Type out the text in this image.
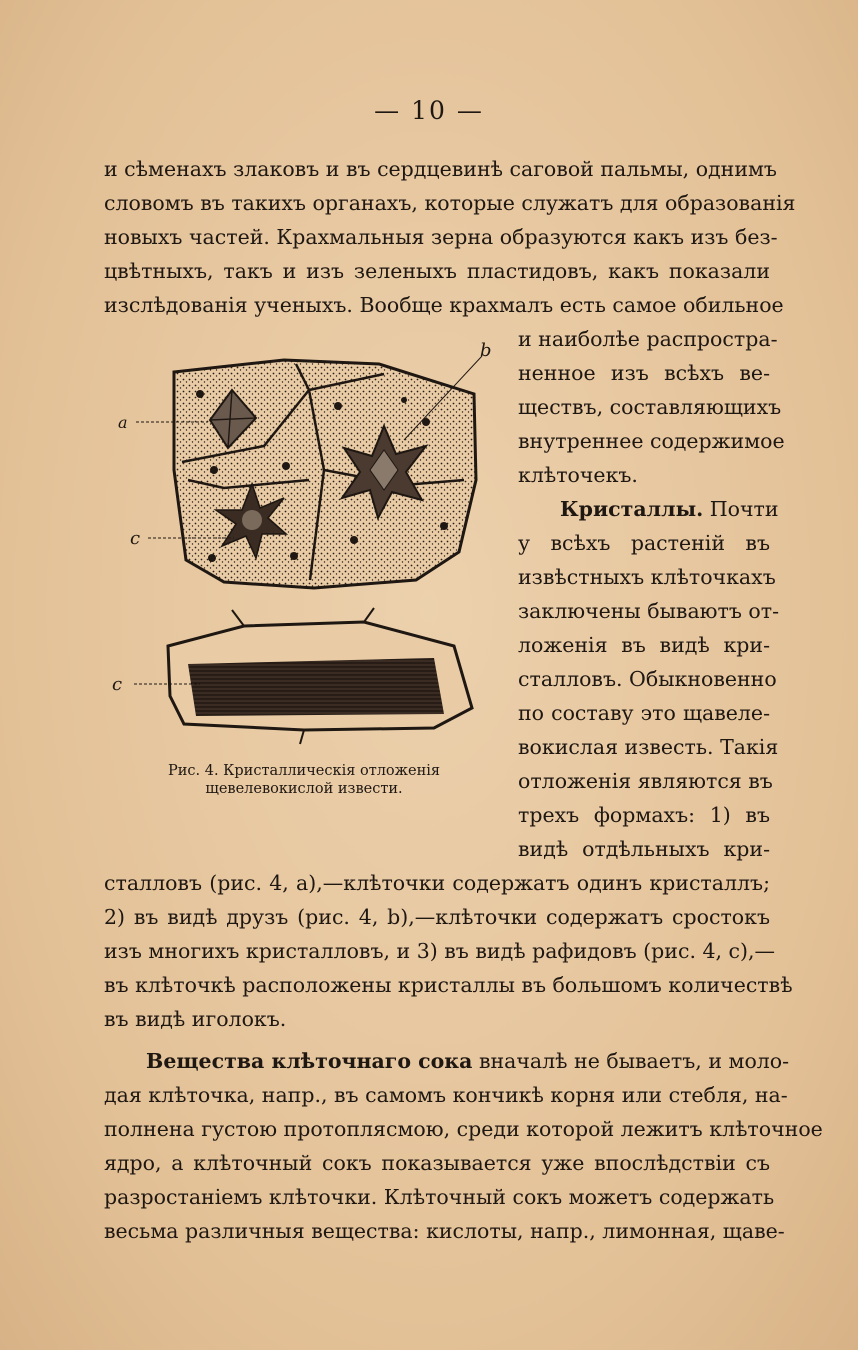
— 10 —
и сѣменахъ злаковъ и въ сердцевинѣ саговой пальмы, однимъ
словомъ въ такихъ органахъ, которые служатъ для образованія
новыхъ частей. Крахмальныя зерна образуются какъ изъ без-
цвѣтныхъ, такъ и изъ зеленыхъ пластидовъ, какъ показали
изслѣдованія ученыхъ. Вообще крахмалъ есть самое обильное
и наиболѣе распростра-
ненное изъ всѣхъ ве-
ществъ, составляющихъ
внутреннее содержимое
клѣточекъ.
Кристаллы. Почти
у всѣхъ растеній въ
извѣстныхъ клѣточкахъ
заключены бываютъ от-
ложенія въ видѣ кри-
сталловъ. Обыкновенно
по составу это щавеле-
вокислая известь. Такія
отложенія являются въ
трехъ формахъ: 1) въ
видѣ отдѣльныхъ кри-
сталловъ (рис. 4, a),—клѣточки содержатъ одинъ кристаллъ;
2) въ видѣ друзъ (рис. 4, b),—клѣточки содержатъ сростокъ
изъ многихъ кристалловъ, и 3) въ видѣ рафидовъ (рис. 4, c),—
въ клѣточкѣ расположены кристаллы въ большомъ количествѣ
въ видѣ иголокъ.
Вещества клѣточнаго сока вначалѣ не бываетъ, и моло-
дая клѣточка, напр., въ самомъ кончикѣ корня или стебля, на-
полнена густою протоплясмою, среди которой лежитъ клѣточное
ядро, а клѣточный сокъ показывается уже впослѣдствіи съ
разростаніемъ клѣточки. Клѣточный сокъ можетъ содержать
весьма различныя вещества: кислоты, напр., лимонная, щаве-
a
b
c
c
Рис. 4. Кристаллическія отложенія
щевелевокислой извести.
